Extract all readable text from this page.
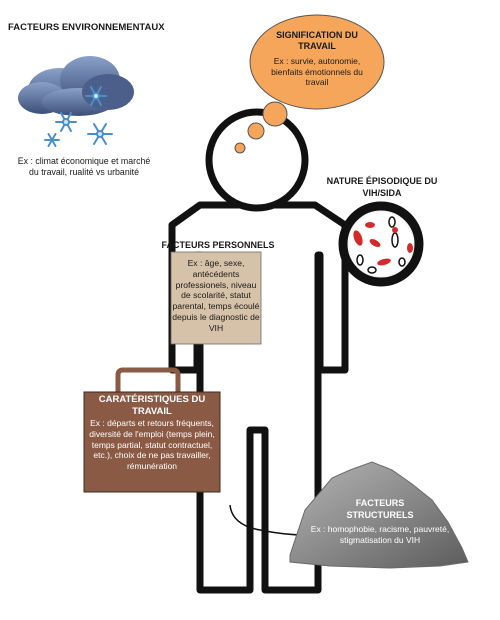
FACTEURS ENVIRONNEMENTAUX
Ex : climat économique et marché du travail, rualité vs urbanité
SIGNIFICATION DU TRAVAIL
Ex : survie, autonomie, bienfaits émotionnels du travail
NATURE ÉPISODIQUE DU VIH/SIDA
FACTEURS PERSONNELS
Ex : âge, sexe, antécédents professionels, niveau de scolarité, statut parental, temps écoulé depuis le diagnostic de VIH
CARATÉRISTIQUES DU TRAVAIL
Ex : départs et retours fréquents, diversité de l'emploi (temps plein, temps partial, statut contractuel, etc.), choix de ne pas travailler, rémunération
FACTEURS STRUCTURELS
Ex : homophobie, racisme, pauvreté, stigmatisation du VIH
